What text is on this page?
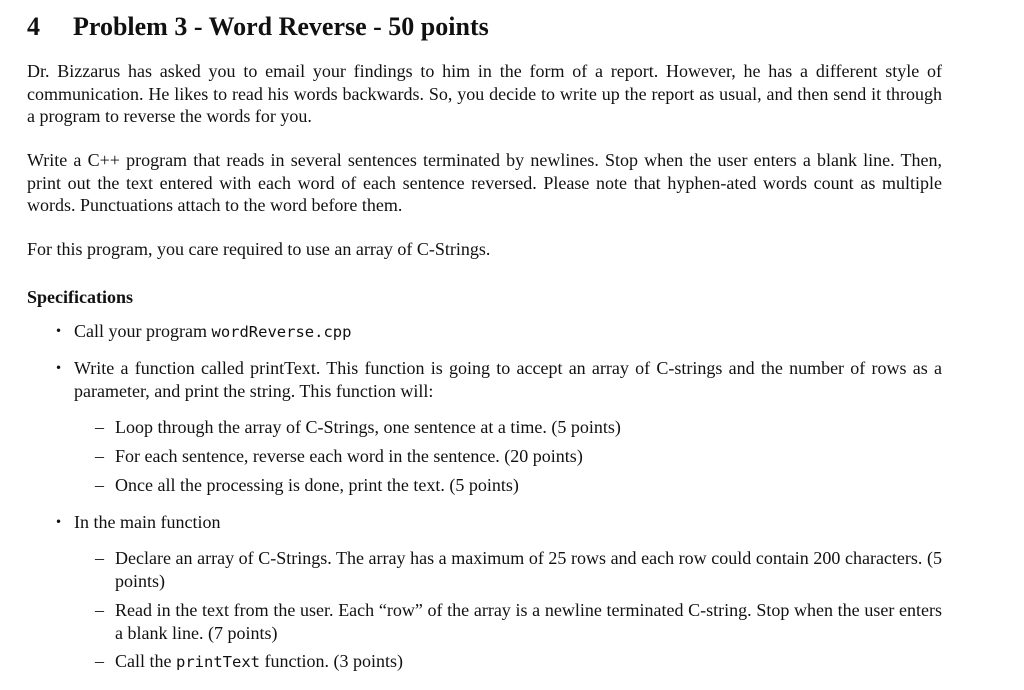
4 Problem 3 - Word Reverse - 50 points
Dr. Bizzarus has asked you to email your findings to him in the form of a report. However, he has a different style of communication. He likes to read his words backwards. So, you decide to write up the report as usual, and then send it through a program to reverse the words for you.
Write a C++ program that reads in several sentences terminated by newlines. Stop when the user enters a blank line. Then, print out the text entered with each word of each sentence reversed. Please note that hyphen-ated words count as multiple words. Punctuations attach to the word before them.
For this program, you care required to use an array of C-Strings.
Specifications
• Call your program wordReverse.cpp
• Write a function called printText. This function is going to accept an array of C-strings and the number of rows as a parameter, and print the string. This function will:
– Loop through the array of C-Strings, one sentence at a time. (5 points)
– For each sentence, reverse each word in the sentence. (20 points)
– Once all the processing is done, print the text. (5 points)
• In the main function
– Declare an array of C-Strings. The array has a maximum of 25 rows and each row could contain 200 characters. (5 points)
– Read in the text from the user. Each “row” of the array is a newline terminated C-string. Stop when the user enters a blank line. (7 points)
– Call the printText function. (3 points)
